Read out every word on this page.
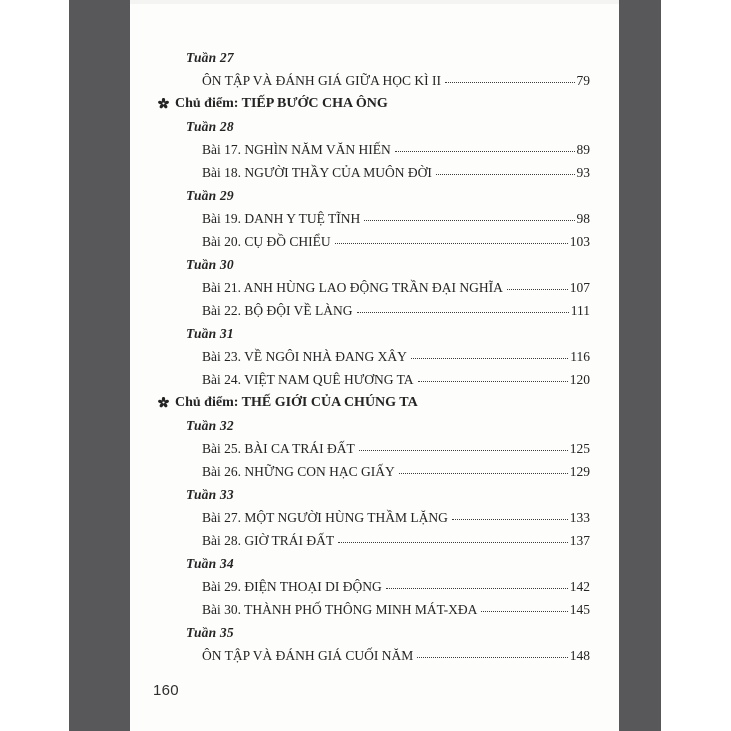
Tuần 27
ÔN TẬP VÀ ĐÁNH GIÁ GIỮA HỌC KÌ II	79
Chủ điểm: TIẾP BƯỚC CHA ÔNG
Tuần 28
Bài 17. NGHÌN NĂM VĂN HIẾN	89
Bài 18. NGƯỜI THẦY CỦA MUÔN ĐỜI	93
Tuần 29
Bài 19. DANH Y TUỆ TĨNH	98
Bài 20. CỤ ĐỒ CHIỂU	103
Tuần 30
Bài 21. ANH HÙNG LAO ĐỘNG TRẦN ĐẠI NGHĨA	107
Bài 22. BỘ ĐỘI VỀ LÀNG	111
Tuần 31
Bài 23. VỀ NGÔI NHÀ ĐANG XÂY	116
Bài 24. VIỆT NAM QUÊ HƯƠNG TA	120
Chủ điểm: THẾ GIỚI CỦA CHÚNG TA
Tuần 32
Bài 25. BÀI CA TRÁI ĐẤT	125
Bài 26. NHỮNG CON HẠC GIẤY	129
Tuần 33
Bài 27. MỘT NGƯỜI HÙNG THẦM LẶNG	133
Bài 28. GIỜ TRÁI ĐẤT	137
Tuần 34
Bài 29. ĐIỆN THOẠI DI ĐỘNG	142
Bài 30. THÀNH PHỐ THÔNG MINH MÁT-XĐA	145
Tuần 35
ÔN TẬP VÀ ĐÁNH GIÁ CUỐI NĂM	148
160
